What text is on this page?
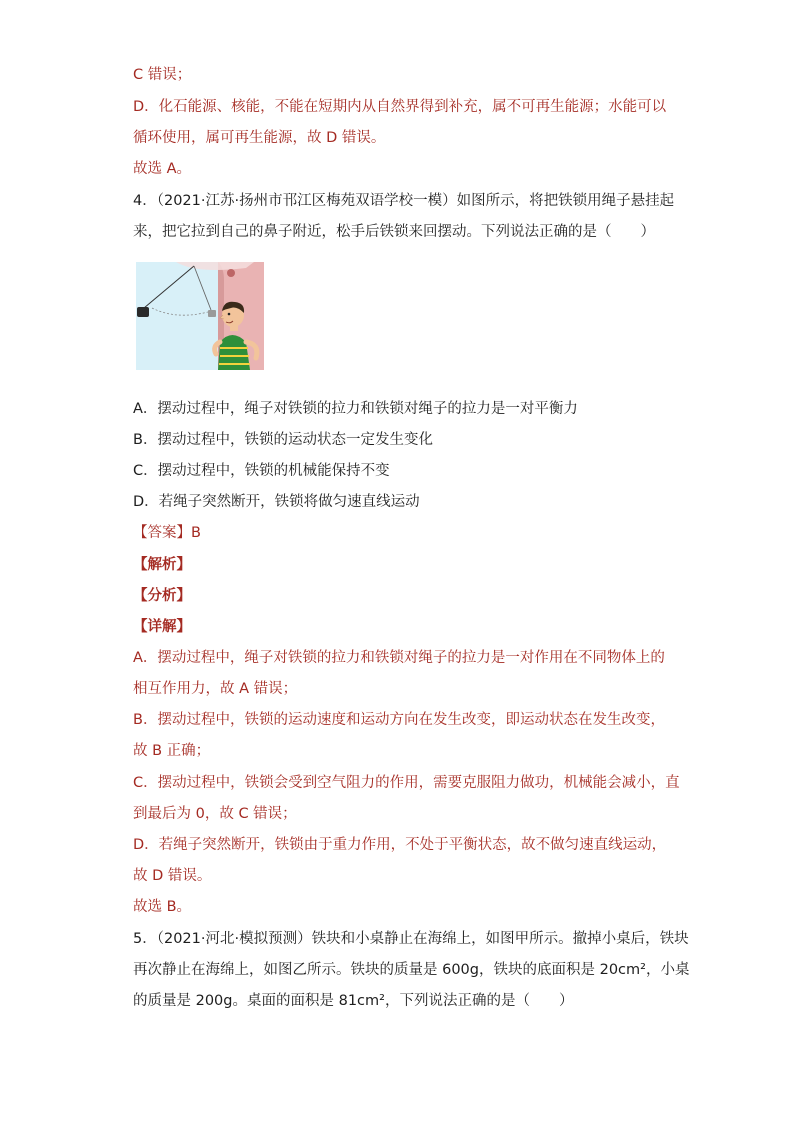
C 错误；

D．化石能源、核能，不能在短期内从自然界得到补充，属不可再生能源；水能可以

循环使用，属可再生能源，故 D 错误。

故选 A。

4．（2021·江苏·扬州市邗江区梅苑双语学校一模）如图所示，将把铁锁用绳子悬挂起

来，把它拉到自己的鼻子附近，松手后铁锁来回摆动。下列说法正确的是（　　）

A．摆动过程中，绳子对铁锁的拉力和铁锁对绳子的拉力是一对平衡力

B．摆动过程中，铁锁的运动状态一定发生变化

C．摆动过程中，铁锁的机械能保持不变

D．若绳子突然断开，铁锁将做匀速直线运动

【答案】B

【解析】

【分析】

【详解】

A．摆动过程中，绳子对铁锁的拉力和铁锁对绳子的拉力是一对作用在不同物体上的

相互作用力，故 A 错误；

B．摆动过程中，铁锁的运动速度和运动方向在发生改变，即运动状态在发生改变，

故 B 正确；

C．摆动过程中，铁锁会受到空气阻力的作用，需要克服阻力做功，机械能会减小，直

到最后为 0，故 C 错误；

D．若绳子突然断开，铁锁由于重力作用，不处于平衡状态，故不做匀速直线运动，

故 D 错误。

故选 B。

5．（2021·河北·模拟预测）铁块和小桌静止在海绵上，如图甲所示。撤掉小桌后，铁块

再次静止在海绵上，如图乙所示。铁块的质量是 600g，铁块的底面积是 20cm²，小桌

的质量是 200g。桌面的面积是 81cm²，下列说法正确的是（　　）
